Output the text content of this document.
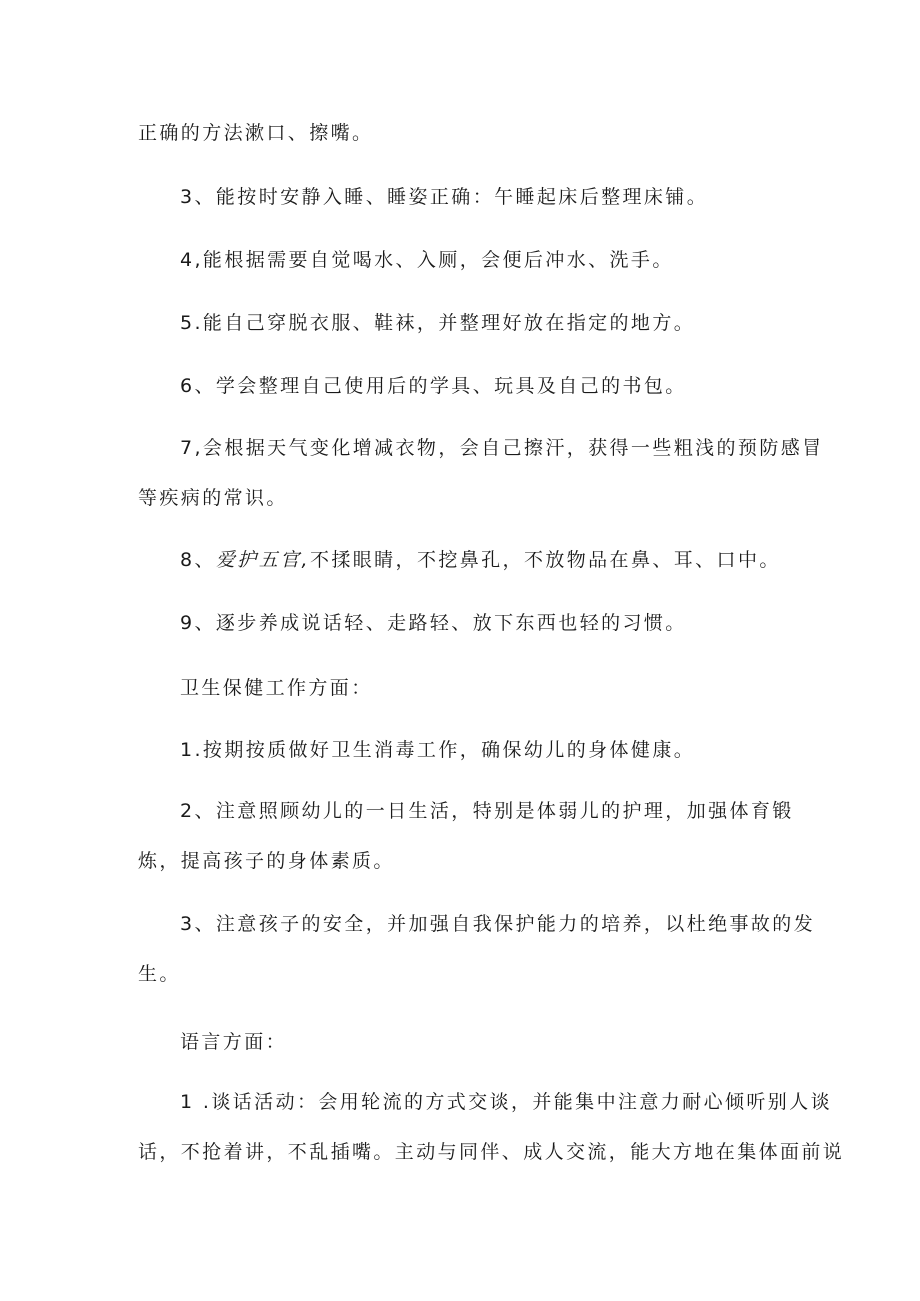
正确的方法漱口、擦嘴。
3、能按时安静入睡、睡姿正确：午睡起床后整理床铺。
4,能根据需要自觉喝水、入厕，会便后冲水、洗手。
5.能自己穿脱衣服、鞋袜，并整理好放在指定的地方。
6、学会整理自己使用后的学具、玩具及自己的书包。
7,会根据天气变化增减衣物，会自己擦汗，获得一些粗浅的预防感冒
等疾病的常识。
8、爱护五官,不揉眼睛，不挖鼻孔，不放物品在鼻、耳、口中。
9、逐步养成说话轻、走路轻、放下东西也轻的习惯。
卫生保健工作方面：
1.按期按质做好卫生消毒工作，确保幼儿的身体健康。
2、注意照顾幼儿的一日生活，特别是体弱儿的护理，加强体育锻
炼，提高孩子的身体素质。
3、注意孩子的安全，并加强自我保护能力的培养，以杜绝事故的发
生。
语言方面：
1 .谈话活动：会用轮流的方式交谈，并能集中注意力耐心倾听别人谈
话，不抢着讲，不乱插嘴。主动与同伴、成人交流，能大方地在集体面前说
